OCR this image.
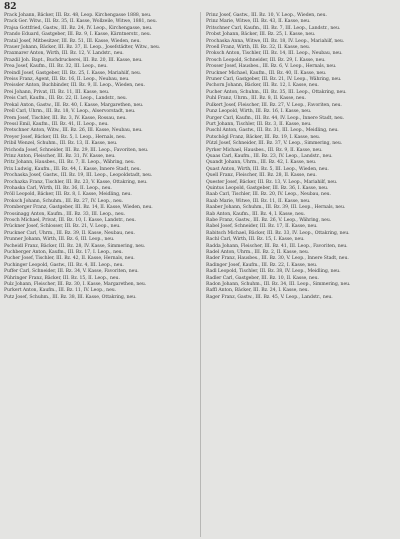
82
Prack Johann, Bäcker, III. Bz. 48, Leop. Kirchengasse 1888, neu.
Prack Ger. Witw., III. Bz. 35, II. Kasse, Wollzeile, Witwe, 1881, neu.
Prajsa Gottfried, Gastw., III. Bz. 24, IV. Leop., Kirchengasse, neu.
Prando Eduard, Gastgeber, III. Bz. 9, I. Kasse, Kärntnerstr., neu.
Pratal Josef, Mitbesitzer, III. Bz. 51, III. Kasse, Wieden, neu.
Prauer Johann, Bäcker, III. Bz. 37, II. Leop., Josefstädter, Witw., neu.
Praxmarer Anton, Wirth, III. Bz. 12, V. Landstr., neu.
Prazdil Joh. Bapt., Buchdruckerei, III. Bz. 20, III. Kasse, neu.
Prea Josef, Kaufm., III. Bz. 32, III. Leop., neu.
Preindl Josef, Gastgeber, III. Bz. 25, I. Kasse, Mariahilf, neu.
Preiss Franz, Agent, III. Bz. 16, II. Leop., Neubau, neu.
Preissler Anton, Buchbinder, III. Bz. 9, II. Leop., Wieden, neu.
Prei Johann, Privat, III. Bz. 11, III. Kasse, neu.
Preis Carl, Kaufm., III. Bz. 22, II. Leop., Landstr., neu.
Prekal Anton, Gastw., III. Bz. 40, I. Kasse, Margarethen, neu.
Prell Carl, Uhrm., III. Bz. 18, V. Leop., Alservorstadt, neu.
Prem Josef, Tischler, III. Bz. 3, IV. Kasse, Rossau, neu.
Pressl Emil, Kaufm., III. Bz. 41, II. Leop., neu.
Pretschner Anton, Witw., III. Bz. 26, III. Kasse, Neubau, neu.
Preyer Josef, Bäcker, III. Bz. 5, I. Leop., Hernals, neu.
Pribil Wenzel, Schuhm., III. Bz. 13, II. Kasse, neu.
Prichoda Josef, Schneider, III. Bz. 29, III. Leop., Favoriten, neu.
Prinz Anton, Fleischer, III. Bz. 31, IV. Kasse, neu.
Pritz Johann, Hausbes., III. Bz. 7, II. Leop., Währing, neu.
Prix Ludwig, Kaufm., III. Bz. 44, I. Kasse, Innere Stadt, neu.
Prochaska Josef, Gastw., III. Bz. 19, III. Leop., Leopoldstadt, neu.
Prochazka Franz, Tischler, III. Bz. 23, V. Kasse, Ottakring, neu.
Prohaska Carl, Wirth, III. Bz. 36, II. Leop., neu.
Pröll Leopold, Bäcker, III. Bz. 8, I. Kasse, Meidling, neu.
Proksch Johann, Schuhm., III. Bz. 27, IV. Leop., neu.
Promberger Franz, Gastgeber, III. Bz. 14, II. Kasse, Wieden, neu.
Prossinagg Anton, Kaufm., III. Bz. 33, III. Leop., neu.
Prosch Michael, Privat, III. Bz. 10, I. Kasse, Landstr., neu.
Prückner Josef, Schlosser, III. Bz. 21, V. Leop., neu.
Pruckner Carl, Uhrm., III. Bz. 39, II. Kasse, Neubau, neu.
Prunner Johann, Wirth, III. Bz. 6, III. Leop., neu.
Pscheidl Franz, Bäcker, III. Bz. 28, IV. Kasse, Simmering, neu.
Puchberger Anton, Kaufm., III. Bz. 17, I. Leop., neu.
Pucher Josef, Tischler, III. Bz. 42, II. Kasse, Hernals, neu.
Puchinger Leopold, Gastw., III. Bz. 4, III. Leop., neu.
Puffer Carl, Schneider, III. Bz. 34, V. Kasse, Favoriten, neu.
Pühringer Franz, Bäcker, III. Bz. 15, II. Leop., neu.
Pulz Johann, Fleischer, III. Bz. 30, I. Kasse, Margarethen, neu.
Purkert Anton, Kaufm., III. Bz. 11, IV. Leop., neu.
Putz Josef, Schuhm., III. Bz. 38, III. Kasse, Ottakring, neu.
Prinz Josef, Gastw., III. Bz. 10, V. Leop., Wieden, neu.
Prinz Marie, Witwe, III. Bz. 43, II. Kasse, neu.
Pritschner Carl, Kaufm., III. Bz. 7, III. Leop., Landstr., neu.
Probst Johann, Bäcker, III. Bz. 25, I. Kasse, neu.
Prochaska Anna, Witwe, III. Bz. 18, IV. Leop., Mariahilf, neu.
Proell Franz, Wirth, III. Bz. 32, II. Kasse, neu.
Proksch Anton, Tischler, III. Bz. 14, III. Leop., Neubau, neu.
Prosch Leopold, Schneider, III. Bz. 29, I. Kasse, neu.
Prosser Josef, Hausbes., III. Bz. 6, V. Leop., Hernals, neu.
Pruckner Michael, Kaufm., III. Bz. 40, II. Kasse, neu.
Pruner Carl, Gastgeber, III. Bz. 21, IV. Leop., Währing, neu.
Pschorn Johann, Bäcker, III. Bz. 12, I. Kasse, neu.
Pucher Anton, Schuhm., III. Bz. 35, III. Leop., Ottakring, neu.
Puhl Franz, Uhrm., III. Bz. 8, II. Kasse, neu.
Pulkert Josef, Fleischer, III. Bz. 27, V. Leop., Favoriten, neu.
Punz Leopold, Wirth, III. Bz. 16, I. Kasse, neu.
Purger Carl, Kaufm., III. Bz. 44, IV. Leop., Innere Stadt, neu.
Purt Johann, Tischler, III. Bz. 3, II. Kasse, neu.
Puschl Anton, Gastw., III. Bz. 31, III. Leop., Meidling, neu.
Putschögl Franz, Bäcker, III. Bz. 19, I. Kasse, neu.
Pützl Josef, Schneider, III. Bz. 37, V. Leop., Simmering, neu.
Pyrker Michael, Hausbes., III. Bz. 9, II. Kasse, neu.
Quaas Carl, Kaufm., III. Bz. 23, IV. Leop., Landstr., neu.
Quandt Johann, Uhrm., III. Bz. 42, I. Kasse, neu.
Quast Anton, Wirth, III. Bz. 5, III. Leop., Wieden, neu.
Quell Franz, Fleischer, III. Bz. 28, II. Kasse, neu.
Quester Josef, Bäcker, III. Bz. 13, V. Leop., Mariahilf, neu.
Quintus Leopold, Gastgeber, III. Bz. 36, I. Kasse, neu.
Raab Carl, Tischler, III. Bz. 20, IV. Leop., Neubau, neu.
Raab Marie, Witwe, III. Bz. 11, II. Kasse, neu.
Raaber Johann, Schuhm., III. Bz. 39, III. Leop., Hernals, neu.
Rab Anton, Kaufm., III. Bz. 4, I. Kasse, neu.
Rabe Franz, Gastw., III. Bz. 26, V. Leop., Währing, neu.
Rabel Josef, Schneider, III. Bz. 17, II. Kasse, neu.
Rabitsch Michael, Bäcker, III. Bz. 33, IV. Leop., Ottakring, neu.
Rachl Carl, Wirth, III. Bz. 15, I. Kasse, neu.
Radda Johann, Fleischer, III. Bz. 41, III. Leop., Favoriten, neu.
Radel Anton, Uhrm., III. Bz. 2, II. Kasse, neu.
Rader Franz, Hausbes., III. Bz. 30, V. Leop., Innere Stadt, neu.
Radinger Josef, Kaufm., III. Bz. 22, I. Kasse, neu.
Radl Leopold, Tischler, III. Bz. 38, IV. Leop., Meidling, neu.
Radler Carl, Gastgeber, III. Bz. 10, II. Kasse, neu.
Radon Johann, Schuhm., III. Bz. 34, III. Leop., Simmering, neu.
Raffl Anton, Bäcker, III. Bz. 24, I. Kasse, neu.
Rager Franz, Gastw., III. Bz. 45, V. Leop., Landstr., neu.
